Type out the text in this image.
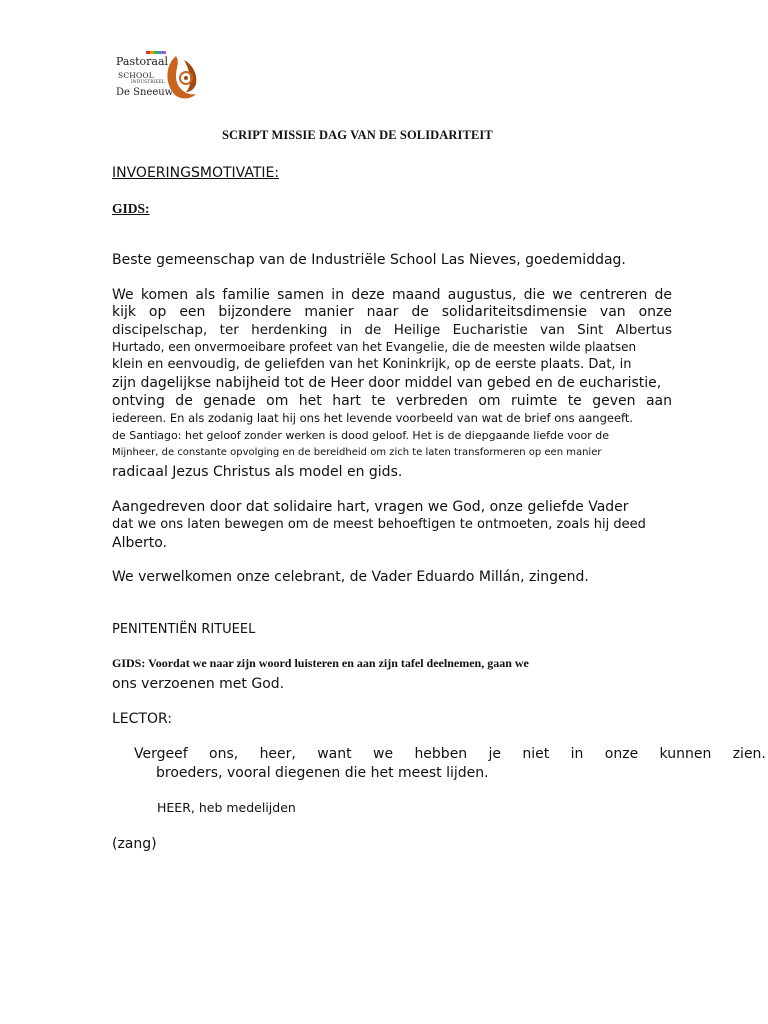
Pastoraal
SCHOOL
INDUSTRIEEL
De Sneeuw
SCRIPT MISSIE DAG VAN DE SOLIDARITEIT
INVOERINGSMOTIVATIE:
GIDS:
Beste gemeenschap van de Industriële School Las Nieves, goedemiddag.
We komen als familie samen in deze maand augustus, die we centreren de
kijk op een bijzondere manier naar de solidariteitsdimensie van onze
discipelschap, ter herdenking in de Heilige Eucharistie van Sint Albertus
Hurtado, een onvermoeibare profeet van het Evangelie, die de meesten wilde plaatsen
klein en eenvoudig, de geliefden van het Koninkrijk, op de eerste plaats. Dat, in
zijn dagelijkse nabijheid tot de Heer door middel van gebed en de eucharistie,
ontving de genade om het hart te verbreden om ruimte te geven aan
iedereen. En als zodanig laat hij ons het levende voorbeeld van wat de brief ons aangeeft.
de Santiago: het geloof zonder werken is dood geloof. Het is de diepgaande liefde voor de
Mijnheer, de constante opvolging en de bereidheid om zich te laten transformeren op een manier
radicaal Jezus Christus als model en gids.
Aangedreven door dat solidaire hart, vragen we God, onze geliefde Vader
dat we ons laten bewegen om de meest behoeftigen te ontmoeten, zoals hij deed
Alberto.
We verwelkomen onze celebrant, de Vader Eduardo Millán, zingend.
PENITENTIËN RITUEEL
GIDS: Voordat we naar zijn woord luisteren en aan zijn tafel deelnemen, gaan we
ons verzoenen met God.
LECTOR:
Vergeef ons, heer, want we hebben je niet in onze kunnen zien.
broeders, vooral diegenen die het meest lijden.
HEER, heb medelijden
(zang)
